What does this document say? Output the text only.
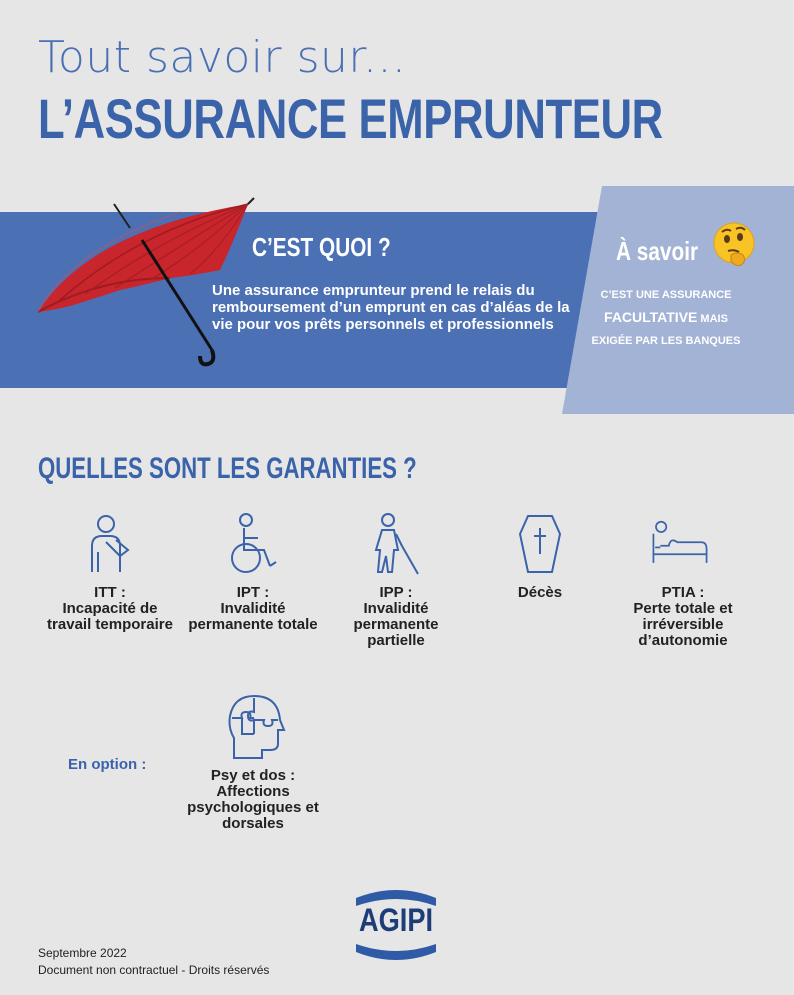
Tout savoir sur...
L’ASSURANCE EMPRUNTEUR
C’EST QUOI ?
Une assurance emprunteur prend le relais du remboursement d’un emprunt en cas d’aléas de la vie pour vos prêts personnels et professionnels
À savoir
C’EST UNE ASSURANCE
FACULTATIVE MAIS
EXIGÉE PAR LES BANQUES
QUELLES SONT LES GARANTIES ?
ITT :
Incapacité de travail temporaire
IPT :
Invalidité permanente totale
IPP :
Invalidité permanente partielle
Décès	PTIA :
Perte totale et irréversible d’autonomie
En option :
Psy et dos :
Affections psychologiques et dorsales
AGIPI
Septembre 2022
Document non contractuel - Droits réservés
